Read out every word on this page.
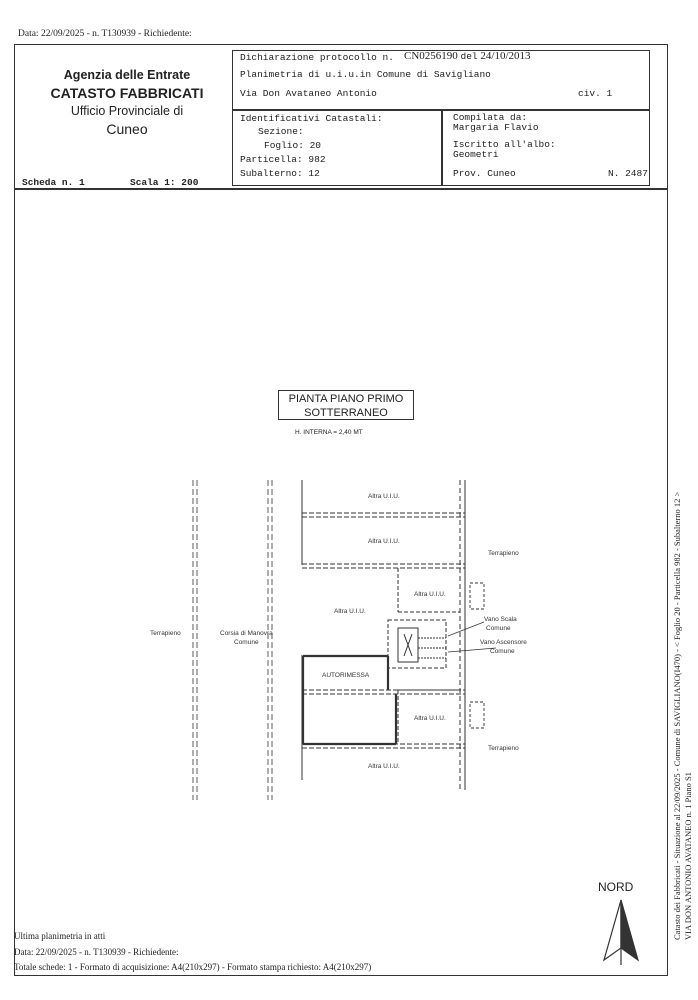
Data: 22/09/2025 - n. T130939 - Richiedente:
Agenzia delle Entrate
CATASTO FABBRICATI
Ufficio Provinciale di
Cuneo
Dichiarazione protocollo n. CN0256190 del 24/10/2013
Planimetria di u.i.u.in Comune di Savigliano
Via Don Avataneo Antonio	civ. 1
Identificativi Catastali:
Sezione:
Foglio: 20
Particella: 982
Subalterno: 12
Compilata da:
Margaria Flavio
Iscritto all'albo:
Geometri
Prov. Cuneo	N. 2487
Scheda n. 1	Scala 1: 200
Altra U.I.U.
Altra U.I.U.
Terrapieno
Altra U.I.U.
Altra U.I.U.
Terrapieno	Corsia di Manovra
Comune
Vano Scala
Comune
Vano Ascensore
Comune
AUTORIMESSA
Altra U.I.U.
Terrapieno
Altra U.I.U.
PIANTA PIANO PRIMO
SOTTERRANEO
H. INTERNA = 2,40 MT
NORD
Ultima planimetria in atti
Data: 22/09/2025 - n. T130939 - Richiedente:
Totale schede: 1 - Formato di acquisizione: A4(210x297) - Formato stampa richiesto: A4(210x297)
Catasto dei Fabbricati - Situazione al 22/09/2025 - Comune di SAVIGLIANO(I470) - < Foglio 20 - Particella 982 - Subalterno 12 > VIA DON ANTONIO AVATANEO n. 1 Piano S1
